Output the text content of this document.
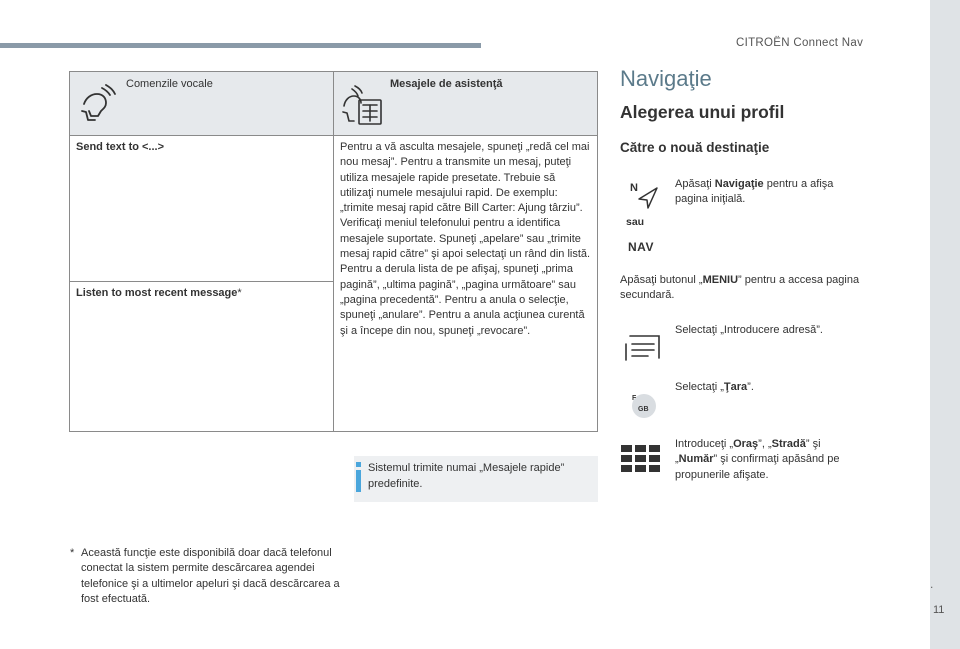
CITROËN Connect Nav
.
11
Comenzile vocale	Mesajele de asistenţă

Send text to <...>	Pentru a vă asculta mesajele, spuneţi „redă cel mai nou mesaj”. Pentru a transmite un mesaj, puteţi utiliza mesajele rapide presetate. Trebuie să utilizaţi numele mesajului rapid. De exemplu: „trimite mesaj rapid către Bill Carter: Ajung târziu”. Verificaţi meniul telefonului pentru a identifica mesajele suportate. Spuneţi „apelare” sau „trimite mesaj rapid către” şi apoi selectaţi un rând din listă. Pentru a derula lista de pe afişaj, spuneţi „prima pagină”, „ultima pagină”, „pagina următoare” sau „pagina precedentă”. Pentru a anula o selecţie, spuneţi „anulare”. Pentru a anula acţiunea curentă şi a începe din nou, spuneţi „revocare”.
Listen to most recent message*	
Sistemul trimite numai „Mesajele rapide” predefinite.
* Această funcţie este disponibilă doar dacă telefonul conectat la sistem permite descărcarea agendei telefonice şi a ultimelor apeluri şi dacă descărcarea a fost efectuată.
Navigaţie
Alegerea unui profil
Către o nouă destinaţie
N	Apăsaţi Navigaţie pentru a afişa pagina iniţială.
sau
NAV
Apăsaţi butonul „MENIU” pentru a accesa pagina secundară.
Selectaţi „Introducere adresă”.
F
GB
Selectaţi „Ţara”.
Introduceţi „Oraş”, „Stradă” şi „Număr” şi confirmaţi apăsând pe propunerile afişate.
